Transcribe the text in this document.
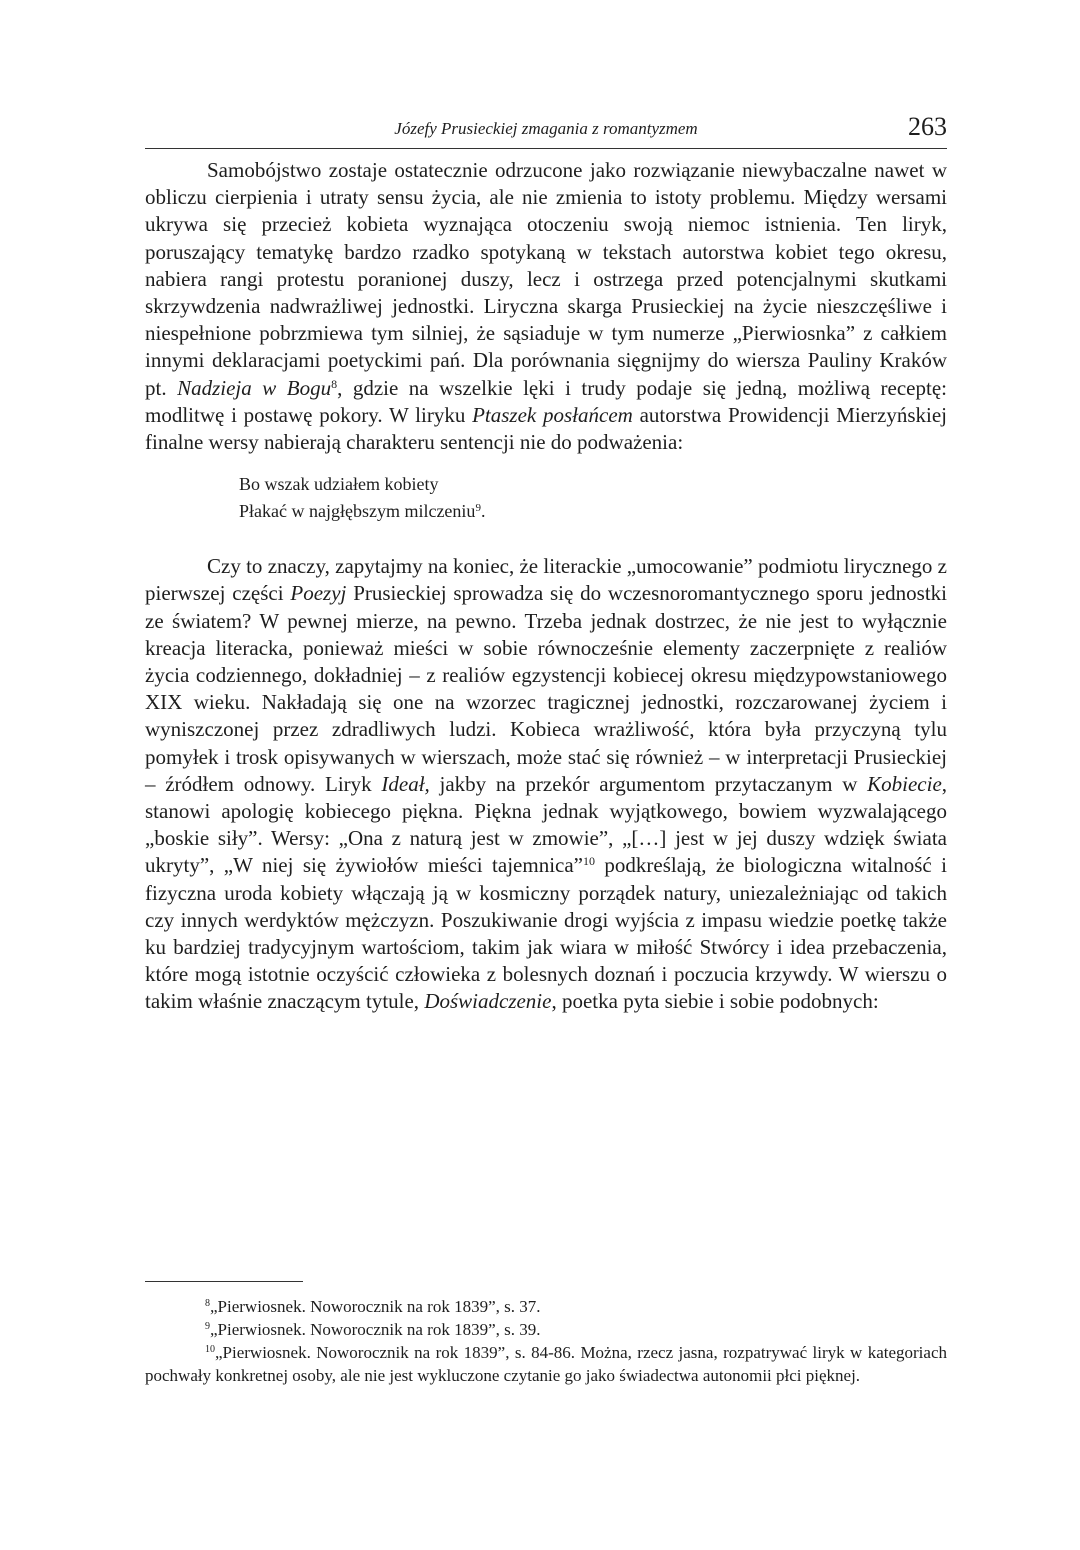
Józefy Prusieckiej zmagania z romantyzmem	263

Samobójstwo zostaje ostatecznie odrzucone jako rozwiązanie niewybaczalne nawet w obliczu cierpienia i utraty sensu życia, ale nie zmienia to istoty problemu. Między wersami ukrywa się przecież kobieta wyznająca otoczeniu swoją niemoc istnienia. Ten liryk, poruszający tematykę bardzo rzadko spotykaną w tekstach autorstwa kobiet tego okresu, nabiera rangi protestu poranionej duszy, lecz i ostrzega przed potencjalnymi skutkami skrzywdzenia nadwrażliwej jednostki. Liryczna skarga Prusieckiej na życie nieszczęśliwe i niespełnione pobrzmiewa tym silniej, że sąsiaduje w tym numerze „Pierwiosnka” z całkiem innymi deklaracjami poetyckimi pań. Dla porównania sięgnijmy do wiersza Pauliny Kraków pt. Nadzieja w Bogu$^8$, gdzie na wszelkie lęki i trudy podaje się jedną, możliwą receptę: modlitwę i postawę pokory. W liryku Ptaszek posłańcem autorstwa Prowidencji Mierzyńskiej finalne wersy nabierają charakteru sentencji nie do podważenia:

Bo wszak udziałem kobiety
Płakać w najgłębszym milczeniu$^9$.

Czy to znaczy, zapytajmy na koniec, że literackie „umocowanie” podmiotu lirycznego z pierwszej części Poezyj Prusieckiej sprowadza się do wczesnoromantycznego sporu jednostki ze światem? W pewnej mierze, na pewno. Trzeba jednak dostrzec, że nie jest to wyłącznie kreacja literacka, ponieważ mieści w sobie równocześnie elementy zaczerpnięte z realiów życia codziennego, dokładniej – z realiów egzystencji kobiecej okresu międzypowstaniowego XIX wieku. Nakładają się one na wzorzec tragicznej jednostki, rozczarowanej życiem i wyniszczonej przez zdradliwych ludzi. Kobieca wrażliwość, która była przyczyną tylu pomyłek i trosk opisywanych w wierszach, może stać się również – w interpretacji Prusieckiej – źródłem odnowy. Liryk Ideał, jakby na przekór argumentom przytaczanym w Kobiecie, stanowi apologię kobiecego piękna. Piękna jednak wyjątkowego, bowiem wyzwalającego „boskie siły”. Wersy: „Ona z naturą jest w zmowie”, „[…] jest w jej duszy wdzięk świata ukryty”, „W niej się żywiołów mieści tajemnica”$^{10}$ podkreślają, że biologiczna witalność i fizyczna uroda kobiety włączają ją w kosmiczny porządek natury, uniezależniając od takich czy innych werdyktów mężczyzn. Poszukiwanie drogi wyjścia z impasu wiedzie poetkę także ku bardziej tradycyjnym wartościom, takim jak wiara w miłość Stwórcy i idea przebaczenia, które mogą istotnie oczyścić człowieka z bolesnych doznań i poczucia krzywdy. W wierszu o takim właśnie znaczącym tytule, Doświadczenie, poetka pyta siebie i sobie podobnych:

$^8$„Pierwiosnek. Noworocznik na rok 1839”, s. 37.

$^9$„Pierwiosnek. Noworocznik na rok 1839”, s. 39.

$^{10}$„Pierwiosnek. Noworocznik na rok 1839”, s. 84-86. Można, rzecz jasna, rozpatrywać liryk w kategoriach pochwały konkretnej osoby, ale nie jest wykluczone czytanie go jako świadectwa autonomii płci pięknej.
